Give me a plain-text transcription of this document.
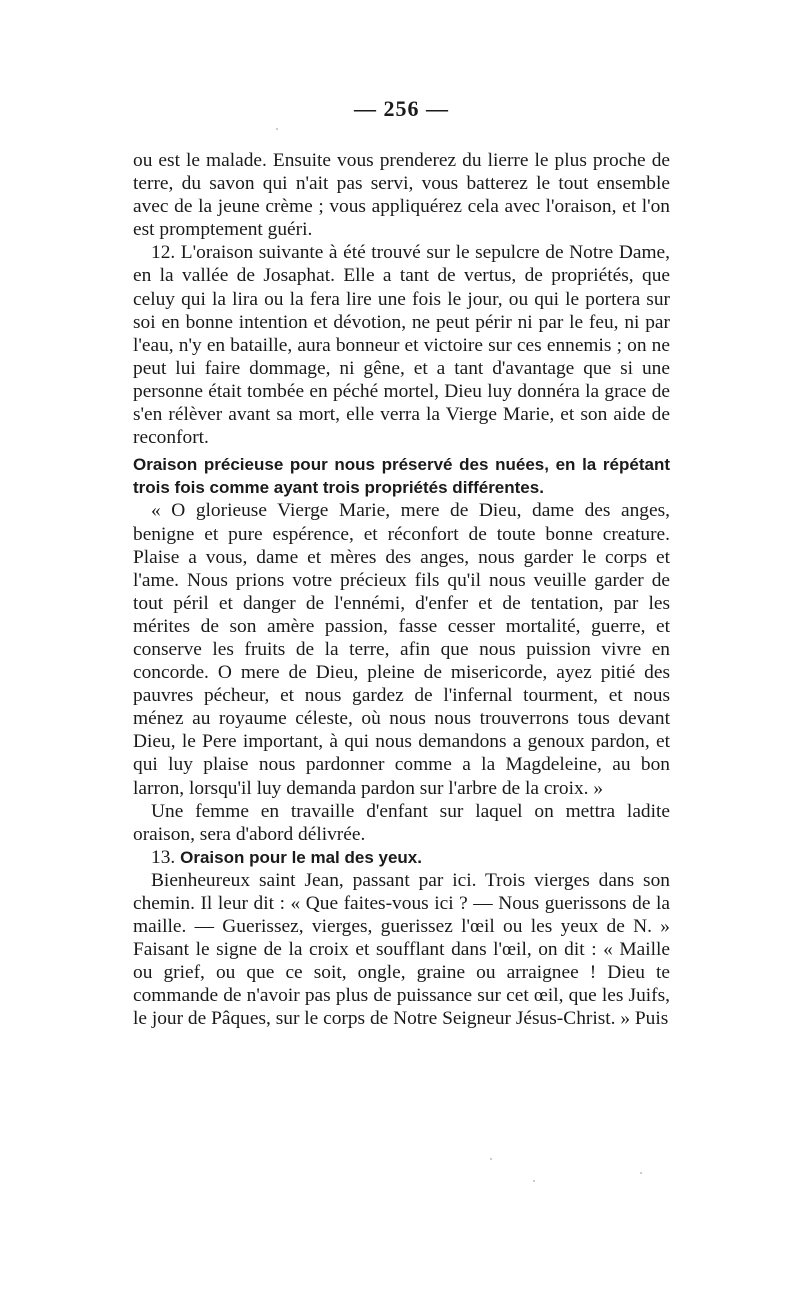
— 256 —

ou est le malade. Ensuite vous prenderez du lierre le plus proche de terre, du savon qui n'ait pas servi, vous batterez le tout ensemble avec de la jeune crème ; vous appliquérez cela avec l'oraison, et l'on est promptement guéri.

12. L'oraison suivante à été trouvé sur le sepulcre de Notre Dame, en la vallée de Josaphat. Elle a tant de vertus, de propriétés, que celuy qui la lira ou la fera lire une fois le jour, ou qui le portera sur soi en bonne intention et dévotion, ne peut périr ni par le feu, ni par l'eau, n'y en bataille, aura bonneur et victoire sur ces ennemis ; on ne peut lui faire dommage, ni gêne, et a tant d'avantage que si une personne était tombée en péché mortel, Dieu luy donnéra la grace de s'en rélèver avant sa mort, elle verra la Vierge Marie, et son aide de reconfort.

Oraison précieuse pour nous préservé des nuées, en la répétant trois fois comme ayant trois propriétés différentes.

« O glorieuse Vierge Marie, mere de Dieu, dame des anges, benigne et pure espérence, et réconfort de toute bonne creature. Plaise a vous, dame et mères des anges, nous garder le corps et l'ame. Nous prions votre précieux fils qu'il nous veuille garder de tout péril et danger de l'ennémi, d'enfer et de tentation, par les mérites de son amère passion, fasse cesser mortalité, guerre, et conserve les fruits de la terre, afin que nous puission vivre en concorde. O mere de Dieu, pleine de misericorde, ayez pitié des pauvres pécheur, et nous gardez de l'infernal tourment, et nous ménez au royaume céleste, où nous nous trouverrons tous devant Dieu, le Pere important, à qui nous demandons a genoux pardon, et qui luy plaise nous pardonner comme a la Magdeleine, au bon larron, lorsqu'il luy demanda pardon sur l'arbre de la croix. »

Une femme en travaille d'enfant sur laquel on mettra ladite oraison, sera d'abord délivrée.

13. Oraison pour le mal des yeux.

Bienheureux saint Jean, passant par ici. Trois vierges dans son chemin. Il leur dit : « Que faites-vous ici ? — Nous guerissons de la maille. — Guerissez, vierges, guerissez l'œil ou les yeux de N. » Faisant le signe de la croix et soufflant dans l'œil, on dit : « Maille ou grief, ou que ce soit, ongle, graine ou arraignee ! Dieu te commande de n'avoir pas plus de puissance sur cet œil, que les Juifs, le jour de Pâques, sur le corps de Notre Seigneur Jésus-Christ. » Puis
